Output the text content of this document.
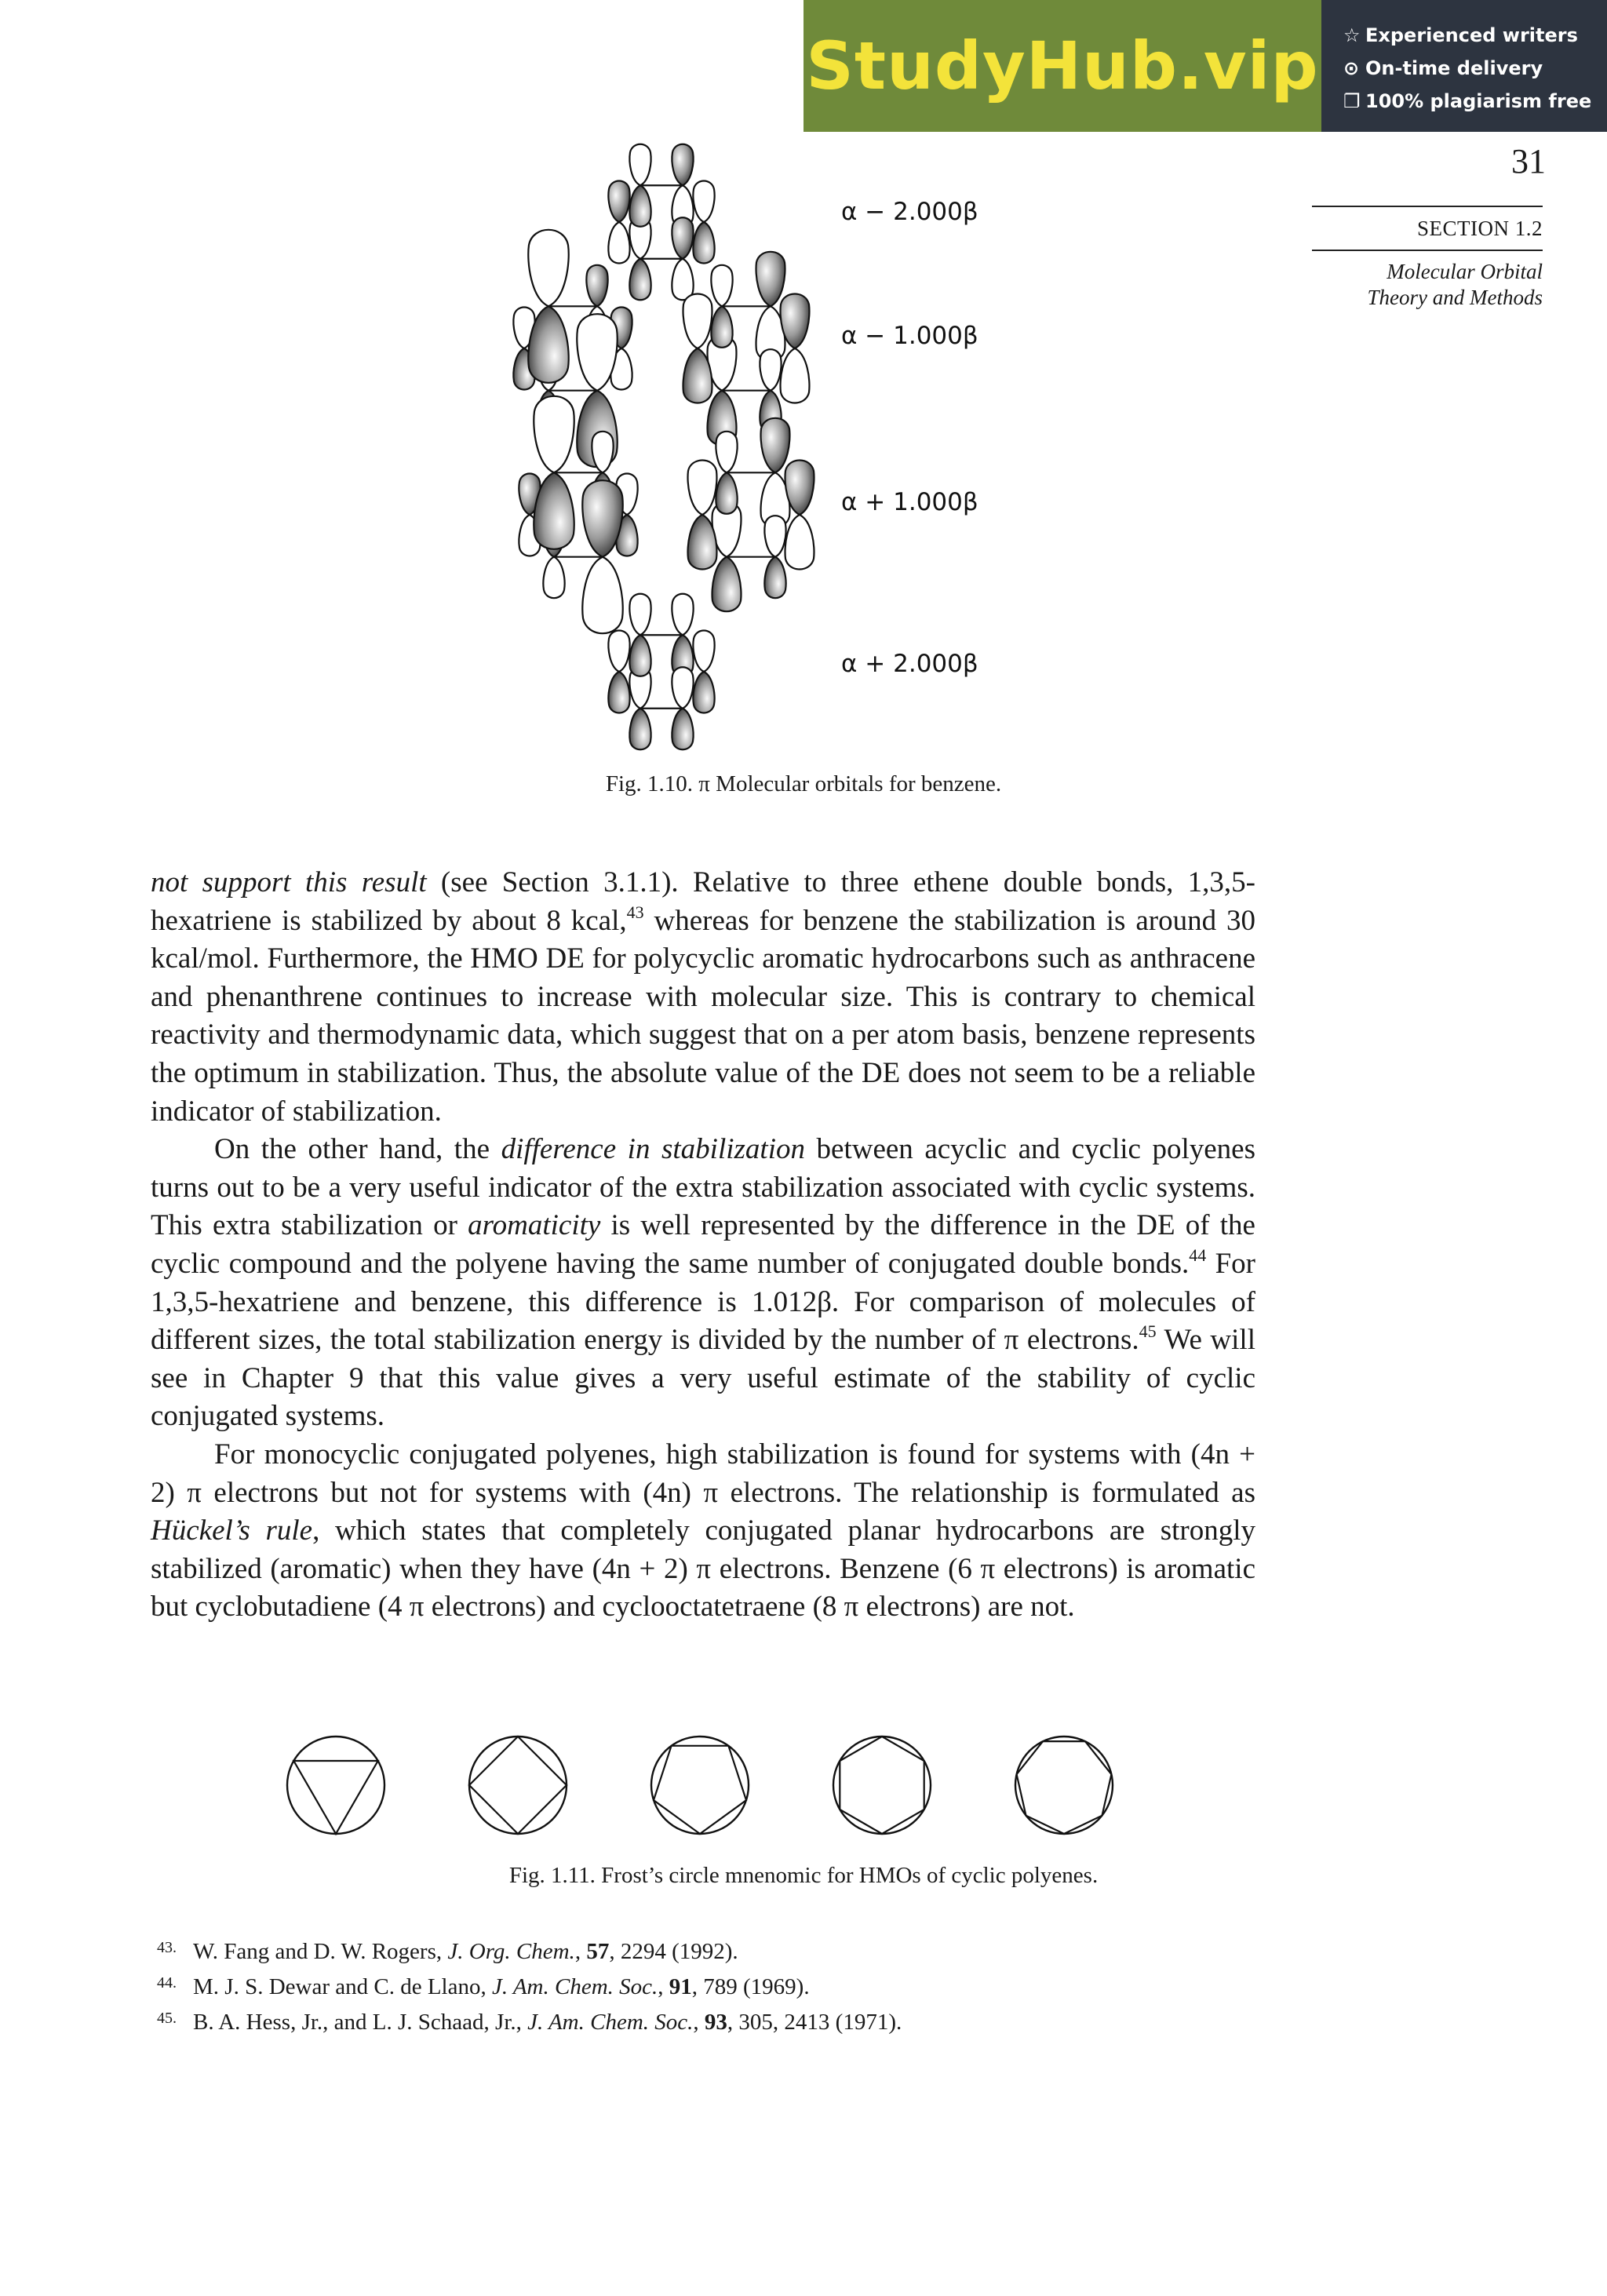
StudyHub.vip ☆ Experienced writers
⊙ On-time delivery
❐ 100% plagiarism free
31
SECTION 1.2
Molecular Orbital
Theory and Methods
α − 2.000β
α − 1.000β
α + 1.000β
α + 2.000β
Fig. 1.10. π Molecular orbitals for benzene.

not support this result (see Section 3.1.1). Relative to three ethene double bonds, 1,3,5-hexatriene is stabilized by about 8 kcal,$^{43}$ whereas for benzene the stabilization is around 30 kcal/mol. Furthermore, the HMO DE for polycyclic aromatic hydrocarbons such as anthracene and phenanthrene continues to increase with molecular size. This is contrary to chemical reactivity and thermodynamic data, which suggest that on a per atom basis, benzene represents the optimum in stabilization. Thus, the absolute value of the DE does not seem to be a reliable indicator of stabilization.

On the other hand, the difference in stabilization between acyclic and cyclic polyenes turns out to be a very useful indicator of the extra stabilization associated with cyclic systems. This extra stabilization or aromaticity is well represented by the difference in the DE of the cyclic compound and the polyene having the same number of conjugated double bonds.$^{44}$ For 1,3,5-hexatriene and benzene, this difference is 1.012β. For comparison of molecules of different sizes, the total stabilization energy is divided by the number of π electrons.$^{45}$ We will see in Chapter 9 that this value gives a very useful estimate of the stability of cyclic conjugated systems.

For monocyclic conjugated polyenes, high stabilization is found for systems with (4n + 2) π electrons but not for systems with (4n) π electrons. The relationship is formulated as Hückel’s rule, which states that completely conjugated planar hydrocarbons are strongly stabilized (aromatic) when they have (4n + 2) π electrons. Benzene (6 π electrons) is aromatic but cyclobutadiene (4 π electrons) and cyclooctatetraene (8 π electrons) are not.

Fig. 1.11. Frost’s circle mnenomic for HMOs of cyclic polyenes.
43. W. Fang and D. W. Rogers, J. Org. Chem., 57, 2294 (1992).
44. M. J. S. Dewar and C. de Llano, J. Am. Chem. Soc., 91, 789 (1969).
45. B. A. Hess, Jr., and L. J. Schaad, Jr., J. Am. Chem. Soc., 93, 305, 2413 (1971).
